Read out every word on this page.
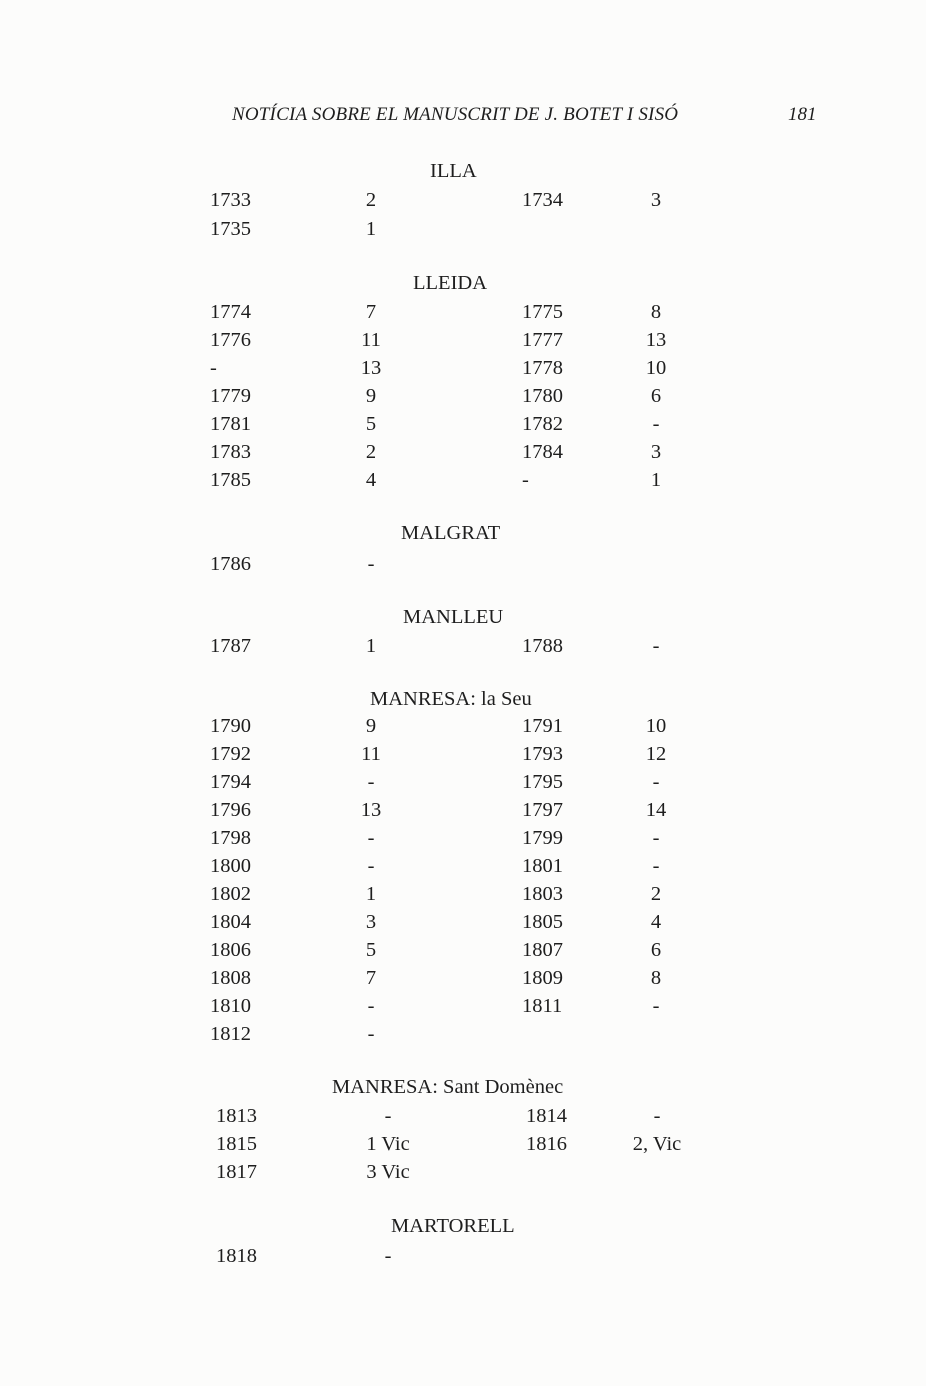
NOTÍCIA SOBRE EL MANUSCRIT DE J. BOTET I SISÓ	181
ILLA
1733	2	1734	3
1735	1
LLEIDA
1774	7	1775	8
1776	11	1777	13
-	13	1778	10
1779	9	1780	6
1781	5	1782	-
1783	2	1784	3
1785	4	-	1
MALGRAT
1786	-
MANLLEU
1787	1	1788	-
MANRESA: la Seu
1790	9	1791	10
1792	11	1793	12
1794	-	1795	-
1796	13	1797	14
1798	-	1799	-
1800	-	1801	-
1802	1	1803	2
1804	3	1805	4
1806	5	1807	6
1808	7	1809	8
1810	-	1811	-
1812	-
MANRESA: Sant Domènec
1813	-	1814	-
1815	1 Vic	1816	2, Vic
1817	3 Vic
MARTORELL
1818	-
